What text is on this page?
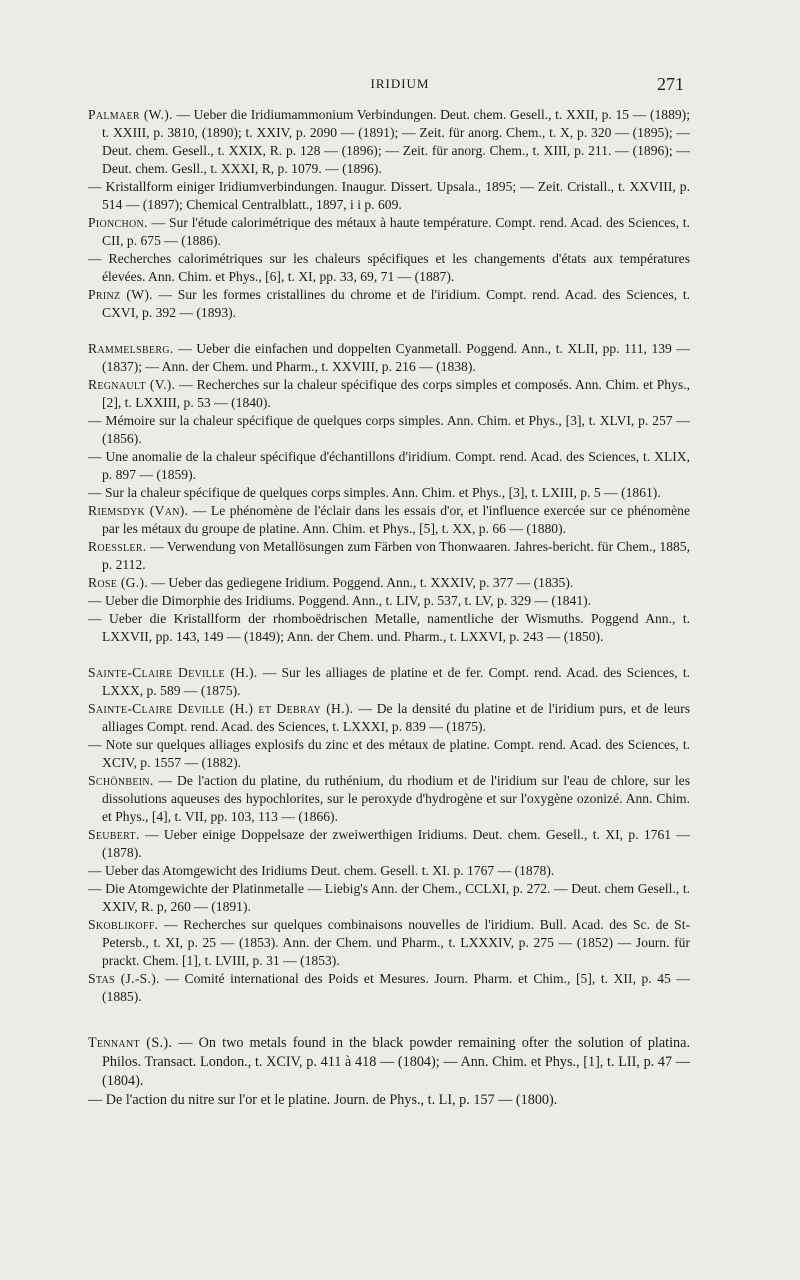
IRIDIUM	271

Palmaer (W.). — Ueber die Iridiumammonium Verbindungen. Deut. chem. Gesell., t. XXII, p. 15 — (1889); t. XXIII, p. 3810, (1890); t. XXIV, p. 2090 — (1891); — Zeit. für anorg. Chem., t. X, p. 320 — (1895); — Deut. chem. Gesell., t. XXIX, R. p. 128 — (1896); — Zeit. für anorg. Chem., t. XIII, p. 211. — (1896); — Deut. chem. Gesll., t. XXXI, R, p. 1079. — (1896).

— Kristallform einiger Iridiumverbindungen. Inaugur. Dissert. Upsala., 1895; — Zeit. Cristall., t. XXVIII, p. 514 — (1897); Chemical Centralblatt., 1897, i i p. 609.

Pionchon. — Sur l'étude calorimétrique des métaux à haute température. Compt. rend. Acad. des Sciences, t. CII, p. 675 — (1886).

— Recherches calorimétriques sur les chaleurs spécifiques et les changements d'états aux températures élevées. Ann. Chim. et Phys., [6], t. XI, pp. 33, 69, 71 — (1887).

Prinz (W). — Sur les formes cristallines du chrome et de l'iridium. Compt. rend. Acad. des Sciences, t. CXVI, p. 392 — (1893).

Rammelsberg. — Ueber die einfachen und doppelten Cyanmetall. Poggend. Ann., t. XLII, pp. 111, 139 — (1837); — Ann. der Chem. und Pharm., t. XXVIII, p. 216 — (1838).

Regnault (V.). — Recherches sur la chaleur spécifique des corps simples et composés. Ann. Chim. et Phys., [2], t. LXXIII, p. 53 — (1840).

— Mémoire sur la chaleur spécifique de quelques corps simples. Ann. Chim. et Phys., [3], t. XLVI, p. 257 — (1856).

— Une anomalie de la chaleur spécifique d'échantillons d'iridium. Compt. rend. Acad. des Sciences, t. XLIX, p. 897 — (1859).

— Sur la chaleur spécifique de quelques corps simples. Ann. Chim. et Phys., [3], t. LXIII, p. 5 — (1861).

Riemsdyk (Van). — Le phénomène de l'éclair dans les essais d'or, et l'influence exercée sur ce phénomène par les métaux du groupe de platine. Ann. Chim. et Phys., [5], t. XX, p. 66 — (1880).

Roessler. — Verwendung von Metallösungen zum Färben von Thonwaaren. Jahres-bericht. für Chem., 1885, p. 2112.

Rose (G.). — Ueber das gediegene Iridium. Poggend. Ann., t. XXXIV, p. 377 — (1835).

— Ueber die Dimorphie des Iridiums. Poggend. Ann., t. LIV, p. 537, t. LV, p. 329 — (1841).

— Ueber die Kristallform der rhomboëdrischen Metalle, namentliche der Wismuths. Poggend Ann., t. LXXVII, pp. 143, 149 — (1849); Ann. der Chem. und. Pharm., t. LXXVI, p. 243 — (1850).

Sainte-Claire Deville (H.). — Sur les alliages de platine et de fer. Compt. rend. Acad. des Sciences, t. LXXX, p. 589 — (1875).

Sainte-Claire Deville (H.) et Debray (H.). — De la densité du platine et de l'iridium purs, et de leurs alliages Compt. rend. Acad. des Sciences, t. LXXXI, p. 839 — (1875).

— Note sur quelques alliages explosifs du zinc et des métaux de platine. Compt. rend. Acad. des Sciences, t. XCIV, p. 1557 — (1882).

Schönbein. — De l'action du platine, du ruthénium, du rhodium et de l'iridium sur l'eau de chlore, sur les dissolutions aqueuses des hypochlorites, sur le peroxyde d'hydrogène et sur l'oxygène ozonizé. Ann. Chim. et Phys., [4], t. VII, pp. 103, 113 — (1866).

Seubert. — Ueber einige Doppelsaze der zweiwerthigen Iridiums. Deut. chem. Gesell., t. XI, p. 1761 — (1878).

— Ueber das Atomgewicht des Iridiums Deut. chem. Gesell. t. XI. p. 1767 — (1878).

— Die Atomgewichte der Platinmetalle — Liebig's Ann. der Chem., CCLXI, p. 272. — Deut. chem Gesell., t. XXIV, R. p, 260 — (1891).

Skoblikoff. — Recherches sur quelques combinaisons nouvelles de l'iridium. Bull. Acad. des Sc. de St-Petersb., t. XI, p. 25 — (1853). Ann. der Chem. und Pharm., t. LXXXIV, p. 275 — (1852) — Journ. für prackt. Chem. [1], t. LVIII, p. 31 — (1853).

Stas (J.-S.). — Comité international des Poids et Mesures. Journ. Pharm. et Chim., [5], t. XII, p. 45 — (1885).

Tennant (S.). — On two metals found in the black powder remaining ofter the solution of platina. Philos. Transact. London., t. XCIV, p. 411 à 418 — (1804); — Ann. Chim. et Phys., [1], t. LII, p. 47 — (1804).

— De l'action du nitre sur l'or et le platine. Journ. de Phys., t. LI, p. 157 — (1800).
